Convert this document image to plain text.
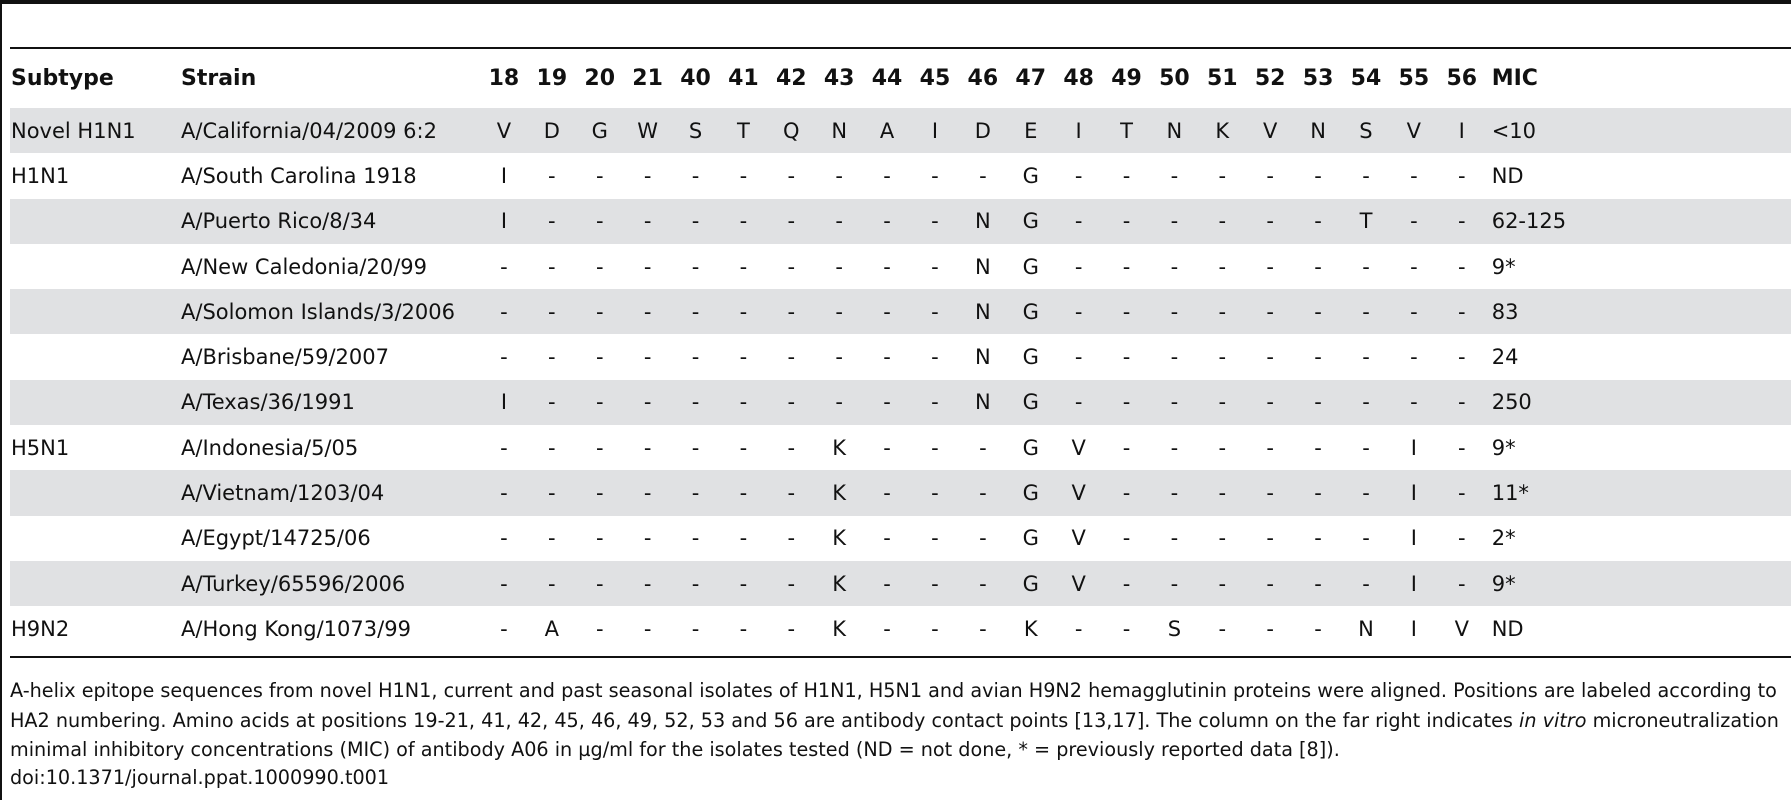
Subtype	Strain	18	19	20	21	40	41	42	43	44	45	46	47	48	49	50	51	52	53	54	55	56	MIC
Novel H1N1	A/California/04/2009 6:2	V	D	G	W	S	T	Q	N	A	I	D	E	I	T	N	K	V	N	S	V	I	<10
H1N1	A/South Carolina 1918	I	-	-	-	-	-	-	-	-	-	-	G	-	-	-	-	-	-	-	-	-	ND
	A/Puerto Rico/8/34	I	-	-	-	-	-	-	-	-	-	N	G	-	-	-	-	-	-	T	-	-	62-125
	A/New Caledonia/20/99	-	-	-	-	-	-	-	-	-	-	N	G	-	-	-	-	-	-	-	-	-	9*
	A/Solomon Islands/3/2006	-	-	-	-	-	-	-	-	-	-	N	G	-	-	-	-	-	-	-	-	-	83
	A/Brisbane/59/2007	-	-	-	-	-	-	-	-	-	-	N	G	-	-	-	-	-	-	-	-	-	24
	A/Texas/36/1991	I	-	-	-	-	-	-	-	-	-	N	G	-	-	-	-	-	-	-	-	-	250
H5N1	A/Indonesia/5/05	-	-	-	-	-	-	-	K	-	-	-	G	V	-	-	-	-	-	-	I	-	9*
	A/Vietnam/1203/04	-	-	-	-	-	-	-	K	-	-	-	G	V	-	-	-	-	-	-	I	-	11*
	A/Egypt/14725/06	-	-	-	-	-	-	-	K	-	-	-	G	V	-	-	-	-	-	-	I	-	2*
	A/Turkey/65596/2006	-	-	-	-	-	-	-	K	-	-	-	G	V	-	-	-	-	-	-	I	-	9*
H9N2	A/Hong Kong/1073/99	-	A	-	-	-	-	-	K	-	-	-	K	-	-	S	-	-	-	N	I	V	ND

A-helix epitope sequences from novel H1N1, current and past seasonal isolates of H1N1, H5N1 and avian H9N2 hemagglutinin proteins were aligned. Positions are labeled according to HA2 numbering. Amino acids at positions 19-21, 41, 42, 45, 46, 49, 52, 53 and 56 are antibody contact points [13,17]. The column on the far right indicates in vitro microneutralization minimal inhibitory concentrations (MIC) of antibody A06 in µg/ml for the isolates tested (ND = not done, * = previously reported data [8]).

doi:10.1371/journal.ppat.1000990.t001
